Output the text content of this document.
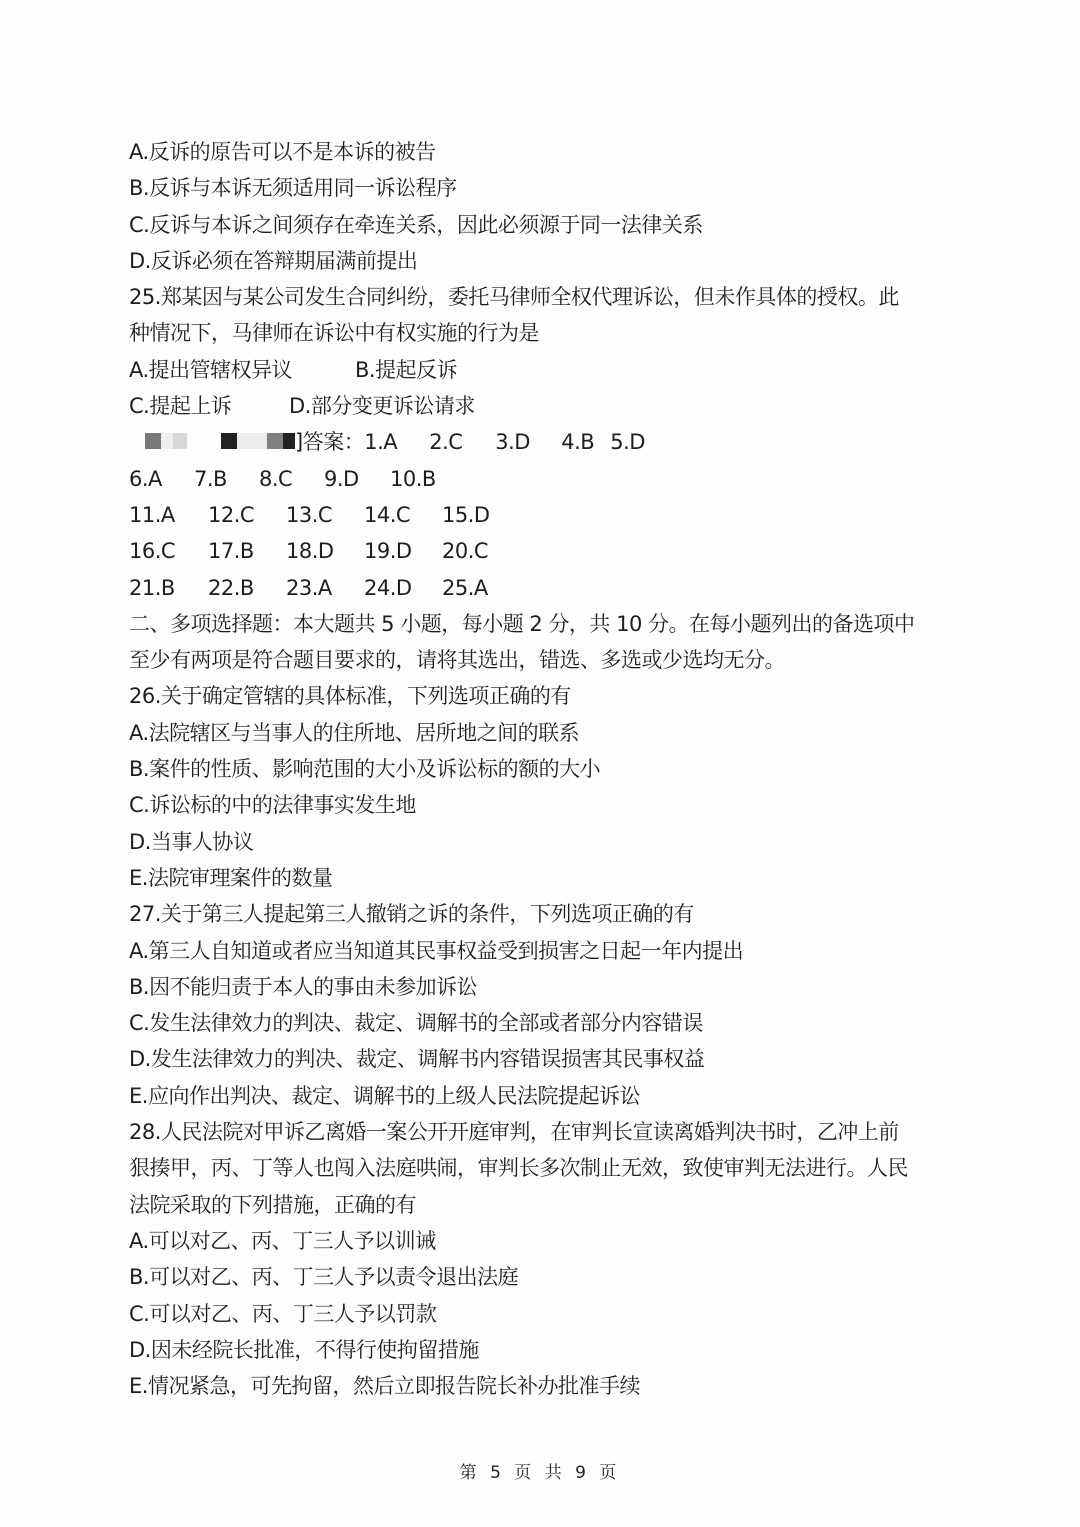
A.反诉的原告可以不是本诉的被告
B.反诉与本诉无须适用同一诉讼程序
C.反诉与本诉之间须存在牵连关系，因此必须源于同一法律关系
D.反诉必须在答辩期届满前提出
25.郑某因与某公司发生合同纠纷，委托马律师全权代理诉讼，但未作具体的授权。此
种情况下，马律师在诉讼中有权实施的行为是
A.提出管辖权异议	B.提起反诉
C.提起上诉	D.部分变更诉讼请求
]答案：1.A 2.C 3.D 4.B 5.D
6.A 7.B 8.C 9.D 10.B
11.A 12.C 13.C 14.C 15.D
16.C 17.B 18.D 19.D 20.C
21.B 22.B 23.A 24.D 25.A
二、多项选择题：本大题共 5 小题，每小题 2 分，共 10 分。在每小题列出的备选项中
至少有两项是符合题目要求的，请将其选出，错选、多选或少选均无分。
26.关于确定管辖的具体标准，下列选项正确的有
A.法院辖区与当事人的住所地、居所地之间的联系
B.案件的性质、影响范围的大小及诉讼标的额的大小
C.诉讼标的中的法律事实发生地
D.当事人协议
E.法院审理案件的数量
27.关于第三人提起第三人撤销之诉的条件，下列选项正确的有
A.第三人自知道或者应当知道其民事权益受到损害之日起一年内提出
B.因不能归责于本人的事由未参加诉讼
C.发生法律效力的判决、裁定、调解书的全部或者部分内容错误
D.发生法律效力的判决、裁定、调解书内容错误损害其民事权益
E.应向作出判决、裁定、调解书的上级人民法院提起诉讼
28.人民法院对甲诉乙离婚一案公开开庭审判，在审判长宣读离婚判决书时，乙冲上前
狠揍甲，丙、丁等人也闯入法庭哄闹，审判长多次制止无效，致使审判无法进行。人民
法院采取的下列措施，正确的有
A.可以对乙、丙、丁三人予以训诫
B.可以对乙、丙、丁三人予以责令退出法庭
C.可以对乙、丙、丁三人予以罚款
D.因未经院长批准，不得行使拘留措施
E.情况紧急，可先拘留，然后立即报告院长补办批准手续
第 5 页 共 9 页
